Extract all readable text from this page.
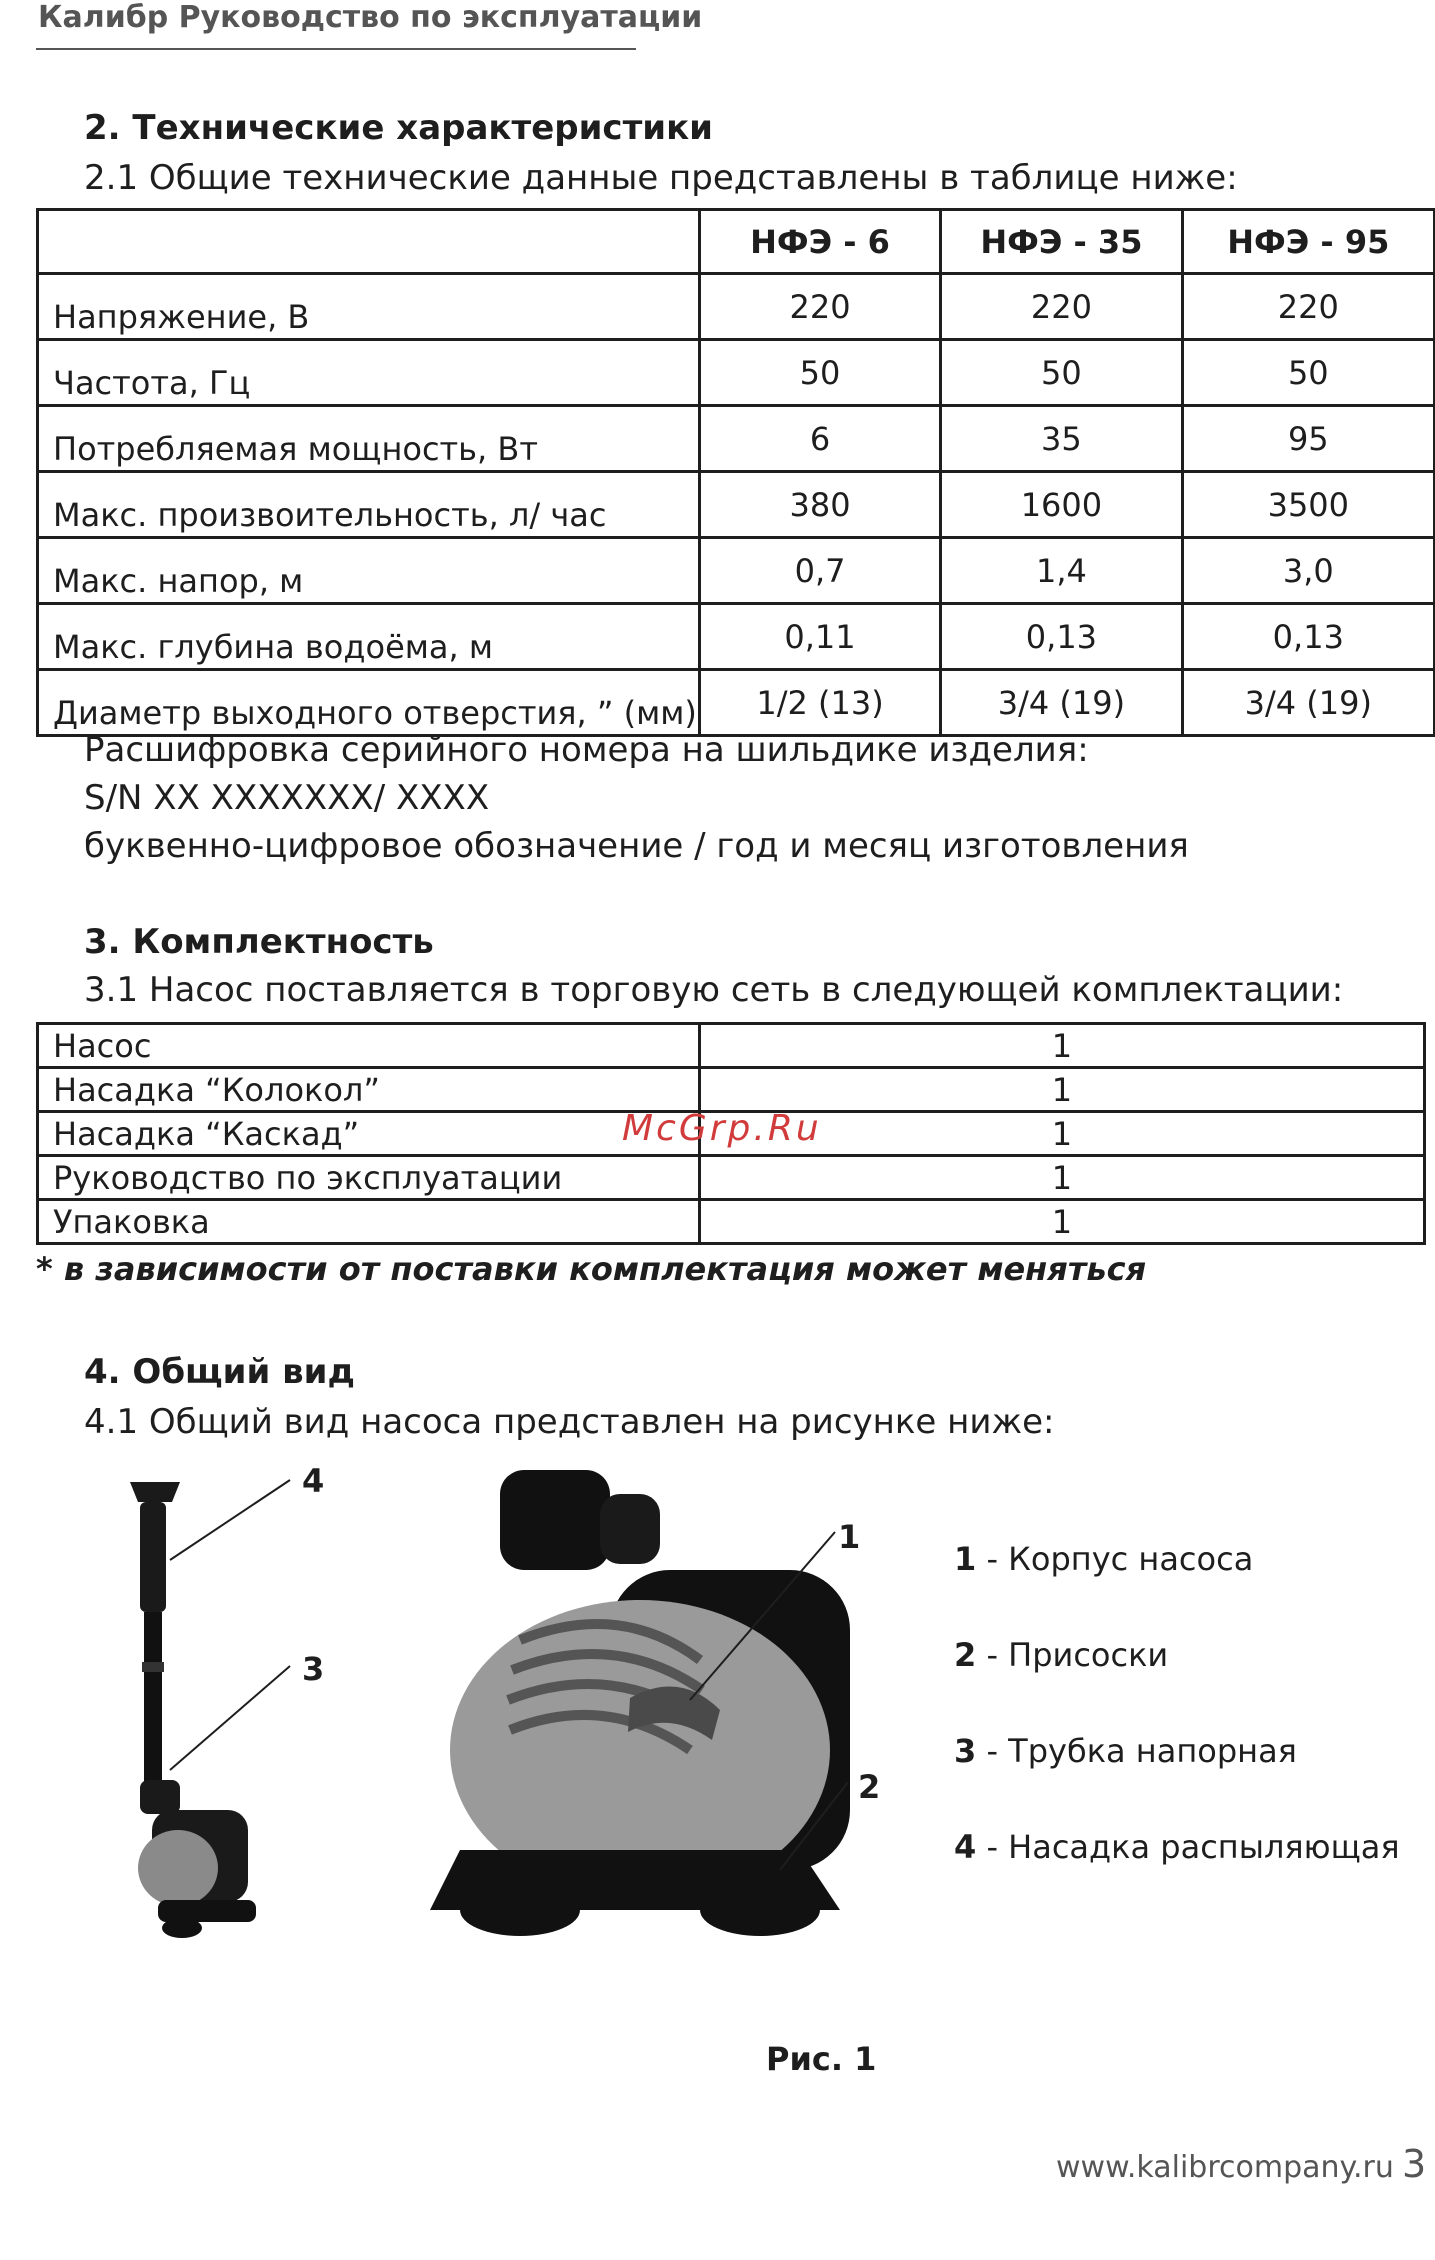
Калибр Руководство по эксплуатации
2. Технические характеристики
2.1 Общие технические данные представлены в таблице ниже:
	НФЭ - 6	НФЭ - 35	НФЭ - 95
Напряжение, В	220	220	220
Частота, Гц	50	50	50
Потребляемая мощность, Вт	6	35	95
Макс. произвоительность, л/ час	380	1600	3500
Макс. напор, м	0,7	1,4	3,0
Макс. глубина водоёма, м	0,11	0,13	0,13
Диаметр выходного отверстия, ” (мм)	1/2 (13)	3/4 (19)	3/4 (19)
Расшифровка серийного номера на шильдике изделия:
S/N XX XXXXXXX/ XXXX
буквенно-цифровое обозначение / год и месяц изготовления
3. Комплектность
3.1 Насос поставляется в торговую сеть в следующей комплектации:
Насос	1
Насадка “Колокол”	1
Насадка “Каскад”	1
Руководство по эксплуатации	1
Упаковка	1
McGrp.Ru
* в зависимости от поставки комплектация может меняться
4. Общий вид
4.1 Общий вид насоса представлен на рисунке ниже:
4
3
1
2
1 - Корпус насоса
2 - Присоски
3 - Трубка напорная
4 - Насадка распыляющая
Рис. 1
www.kalibrcompany.ru 3
